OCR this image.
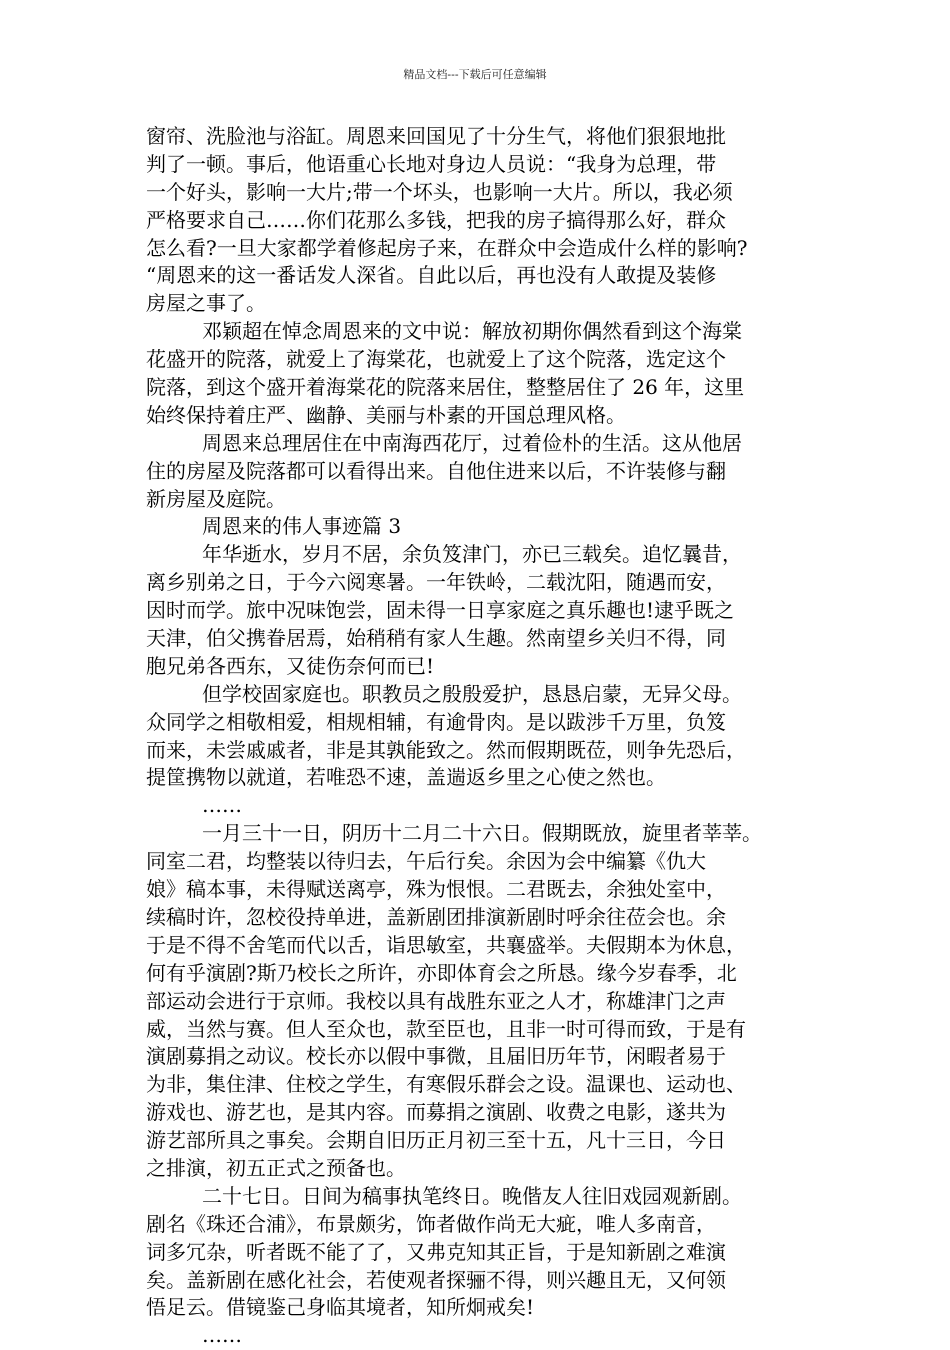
精品文档---下载后可任意编辑
窗帘、洗脸池与浴缸。周恩来回国见了十分生气，将他们狠狠地批
判了一顿。事后，他语重心长地对身边人员说：“我身为总理，带
一个好头，影响一大片;带一个坏头，也影响一大片。所以，我必须
严格要求自己……你们花那么多钱，把我的房子搞得那么好，群众
怎么看?一旦大家都学着修起房子来，在群众中会造成什么样的影响?
“周恩来的这一番话发人深省。自此以后，再也没有人敢提及装修
房屋之事了。
邓颖超在悼念周恩来的文中说：解放初期你偶然看到这个海棠
花盛开的院落，就爱上了海棠花，也就爱上了这个院落，选定这个
院落，到这个盛开着海棠花的院落来居住，整整居住了 26 年，这里
始终保持着庄严、幽静、美丽与朴素的开国总理风格。
周恩来总理居住在中南海西花厅，过着俭朴的生活。这从他居
住的房屋及院落都可以看得出来。自他住进来以后，不许装修与翻
新房屋及庭院。
周恩来的伟人事迹篇 3
年华逝水，岁月不居，余负笈津门，亦已三载矣。追忆曩昔，
离乡别弟之日，于今六阅寒暑。一年铁岭，二载沈阳，随遇而安，
因时而学。旅中况味饱尝，固未得一日享家庭之真乐趣也!逮乎既之
天津，伯父携眷居焉，始稍稍有家人生趣。然南望乡关归不得，同
胞兄弟各西东，又徒伤奈何而已!
但学校固家庭也。职教员之殷殷爱护，恳恳启蒙，无异父母。
众同学之相敬相爱，相规相辅，有逾骨肉。是以跋涉千万里，负笈
而来，未尝戚戚者，非是其孰能致之。然而假期既莅，则争先恐后，
提筐携物以就道，若唯恐不速，盖遄返乡里之心使之然也。
……
一月三十一日，阴历十二月二十六日。假期既放，旋里者莘莘。
同室二君，均整装以待归去，午后行矣。余因为会中编纂《仇大
娘》稿本事，未得赋送离亭，殊为恨恨。二君既去，余独处室中，
续稿时许，忽校役持单进，盖新剧团排演新剧时呼余往莅会也。余
于是不得不舍笔而代以舌，诣思敏室，共襄盛举。夫假期本为休息，
何有乎演剧?斯乃校长之所许，亦即体育会之所恳。缘今岁春季，北
部运动会进行于京师。我校以具有战胜东亚之人才，称雄津门之声
威，当然与赛。但人至众也，款至臣也，且非一时可得而致，于是有
演剧募捐之动议。校长亦以假中事微，且届旧历年节，闲暇者易于
为非，集住津、住校之学生，有寒假乐群会之设。温课也、运动也、
游戏也、游艺也，是其内容。而募捐之演剧、收费之电影，遂共为
游艺部所具之事矣。会期自旧历正月初三至十五，凡十三日，今日
之排演，初五正式之预备也。
二十七日。日间为稿事执笔终日。晚偕友人往旧戏园观新剧。
剧名《珠还合浦》，布景颇劣，饰者做作尚无大疵，唯人多南音，
词多冗杂，听者既不能了了，又弗克知其正旨，于是知新剧之难演
矣。盖新剧在感化社会，若使观者探骊不得，则兴趣且无，又何领
悟足云。借镜鉴己身临其境者，知所炯戒矣!
……
